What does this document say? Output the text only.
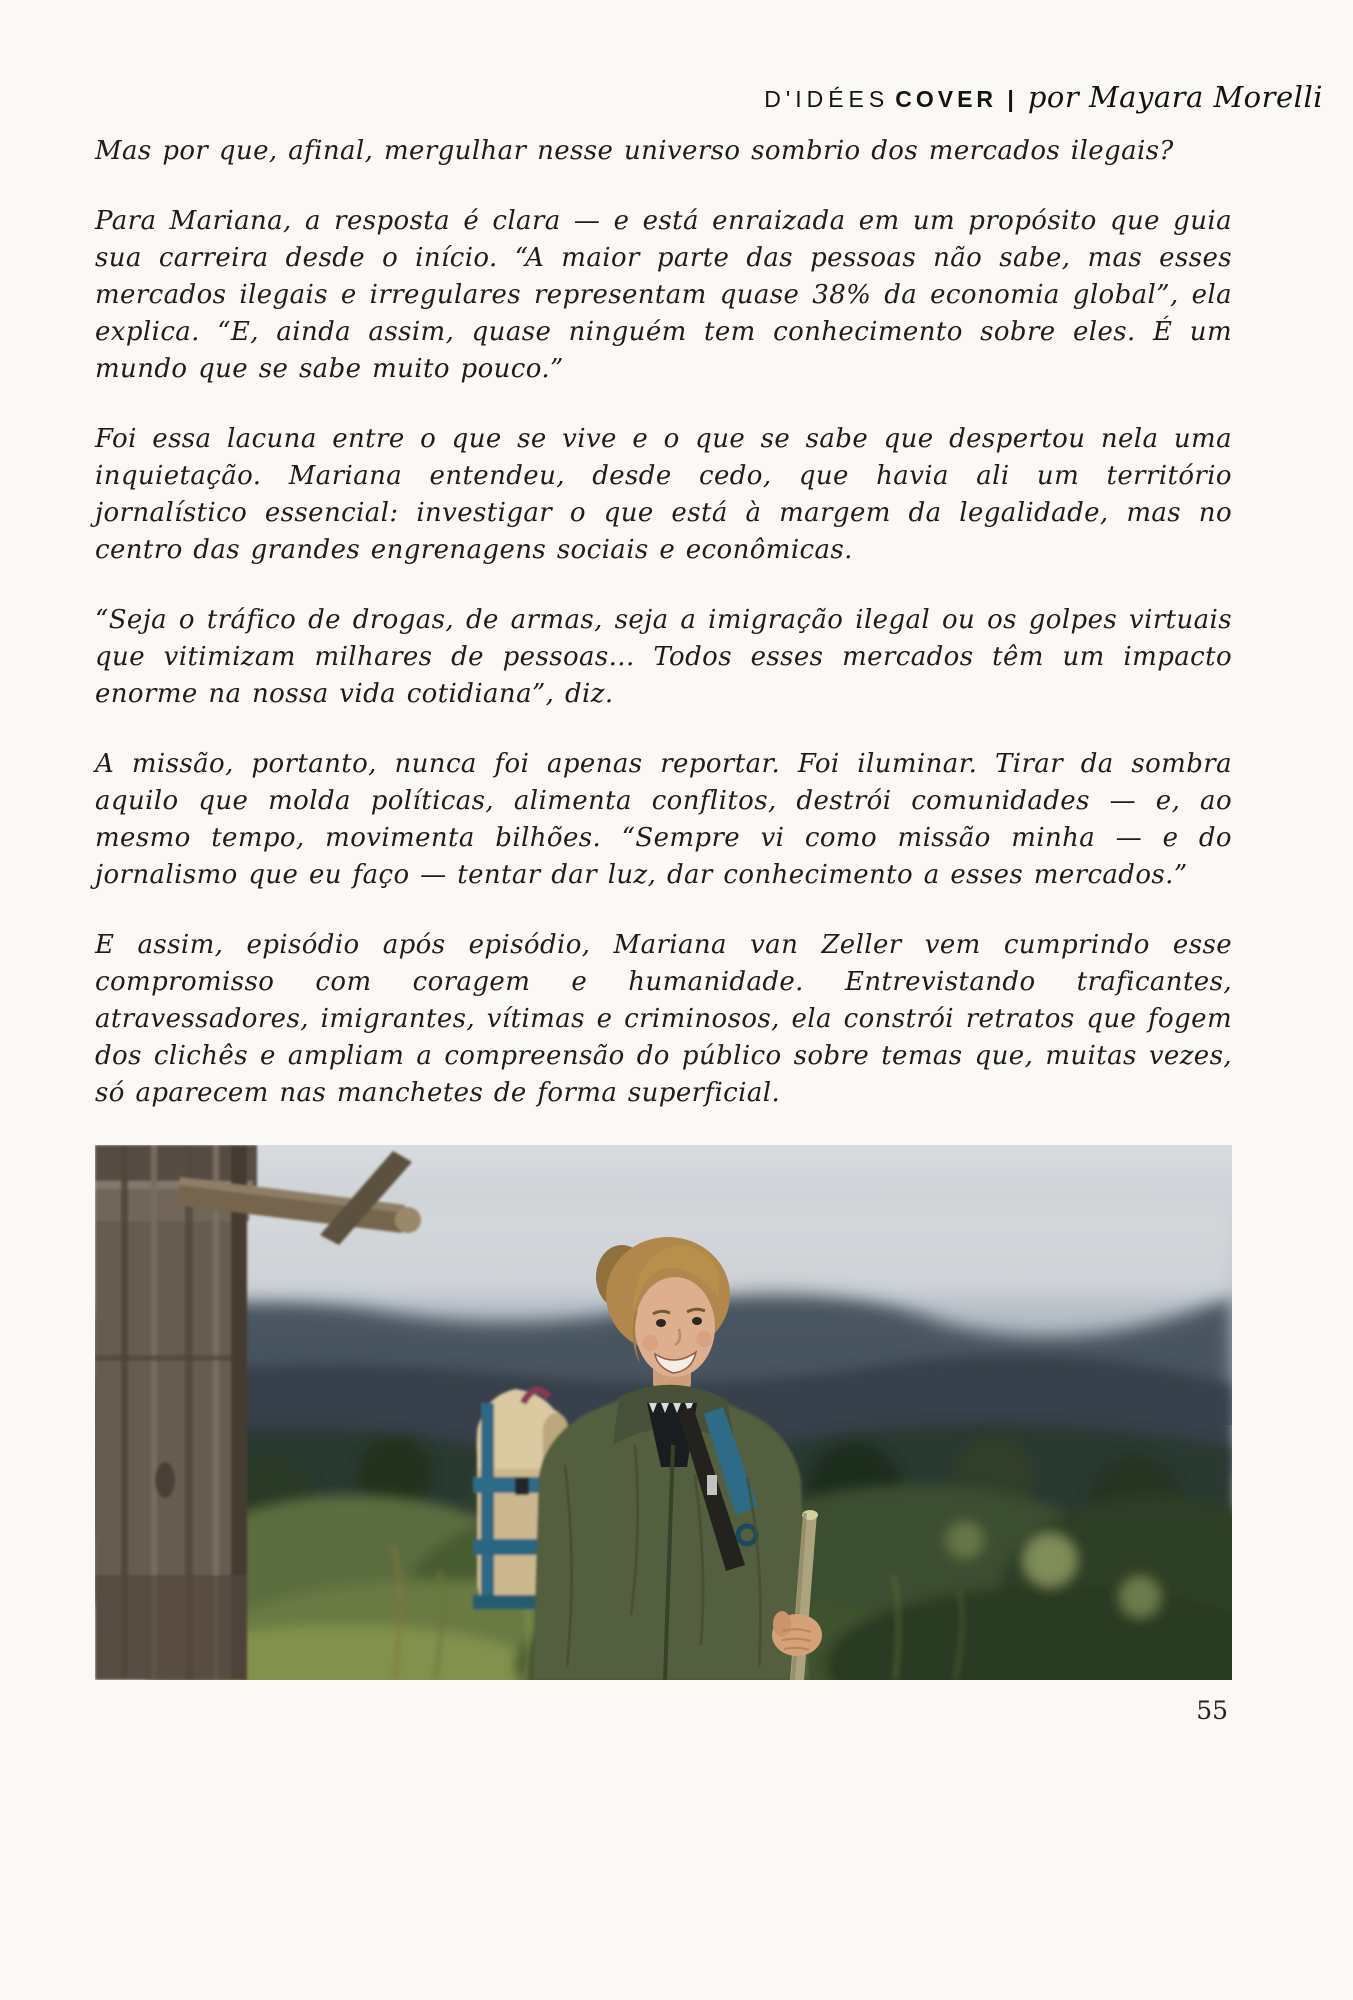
D'IDÉES COVER | por Mayara Morelli

Mas por que, afinal, mergulhar nesse universo sombrio dos mercados ilegais?

Para Mariana, a resposta é clara — e está enraizada em um propósito que guia sua carreira desde o início. “A maior parte das pessoas não sabe, mas esses mercados ilegais e irregulares representam quase 38% da economia global”, ela explica. “E, ainda assim, quase ninguém tem conhecimento sobre eles. É um mundo que se sabe muito pouco.”

Foi essa lacuna entre o que se vive e o que se sabe que despertou nela uma inquietação. Mariana entendeu, desde cedo, que havia ali um território jornalístico essencial: investigar o que está à margem da legalidade, mas no centro das grandes engrenagens sociais e econômicas.

“Seja o tráfico de drogas, de armas, seja a imigração ilegal ou os golpes virtuais que vitimizam milhares de pessoas... Todos esses mercados têm um impacto enorme na nossa vida cotidiana”, diz.

A missão, portanto, nunca foi apenas reportar. Foi iluminar. Tirar da sombra aquilo que molda políticas, alimenta conflitos, destrói comunidades — e, ao mesmo tempo, movimenta bilhões. “Sempre vi como missão minha — e do jornalismo que eu faço — tentar dar luz, dar conhecimento a esses mercados.”

E assim, episódio após episódio, Mariana van Zeller vem cumprindo esse compromisso com coragem e humanidade. Entrevistando traficantes, atravessadores, imigrantes, vítimas e criminosos, ela constrói retratos que fogem dos clichês e ampliam a compreensão do público sobre temas que, muitas vezes, só aparecem nas manchetes de forma superficial.

55
